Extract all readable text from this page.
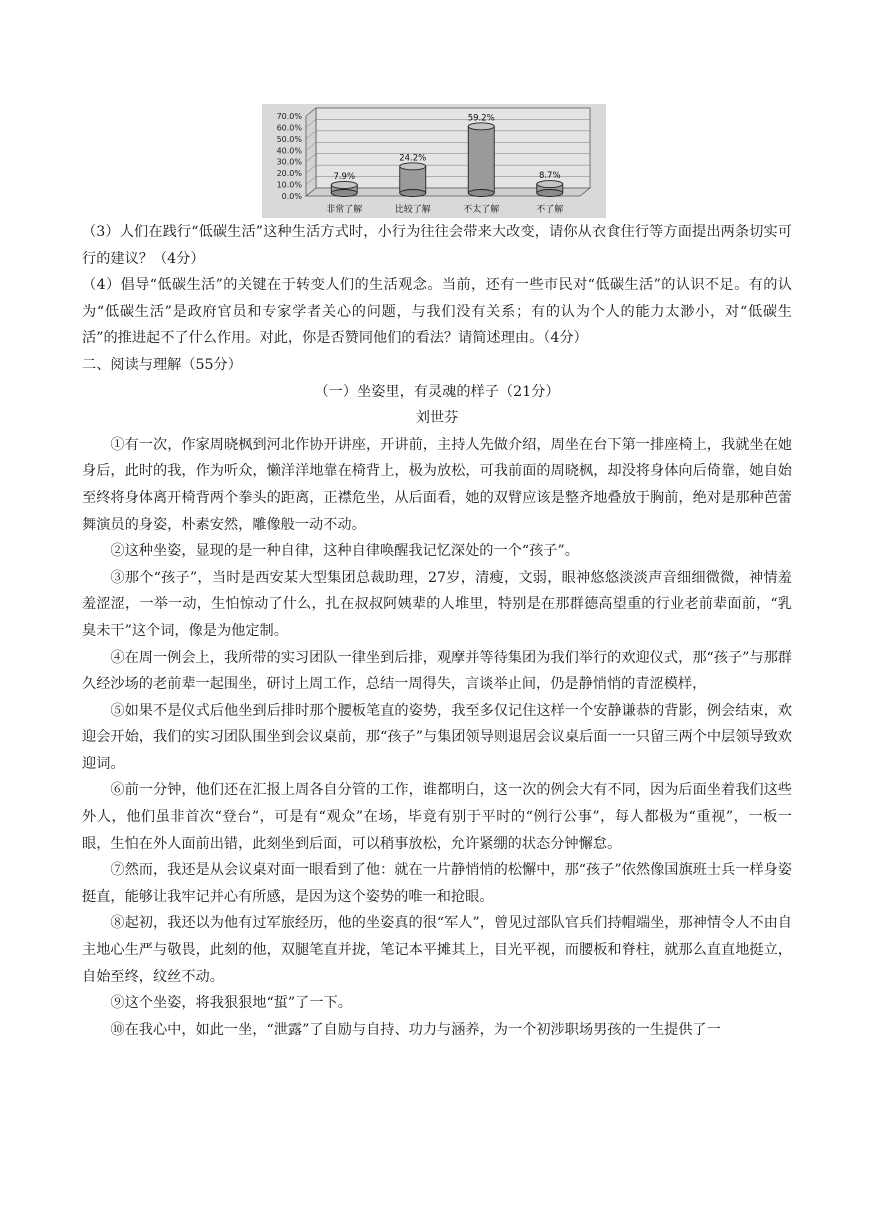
0.0%
10.0%
20.0%
30.0%
40.0%
50.0%
60.0%
70.0%
7.9%
非常了解
24.2%
比较了解
59.2%
不太了解
8.7%
不了解

（3）人们在践行“低碳生活”这种生活方式时，小行为往往会带来大改变，请你从衣食住行等方面提出两条切实可行的建议？（4分）

（4）倡导“低碳生活”的关键在于转变人们的生活观念。当前，还有一些市民对“低碳生活”的认识不足。有的认为“低碳生活”是政府官员和专家学者关心的问题，与我们没有关系；有的认为个人的能力太渺小，对“低碳生活”的推进起不了什么作用。对此，你是否赞同他们的看法？请简述理由。（4分）

二、阅读与理解（55分）

（一）坐姿里，有灵魂的样子（21分）

刘世芬

①有一次，作家周晓枫到河北作协开讲座，开讲前，主持人先做介绍，周坐在台下第一排座椅上，我就坐在她身后，此时的我，作为听众，懒洋洋地靠在椅背上，极为放松，可我前面的周晓枫，却没将身体向后倚靠，她自始至终将身体离开椅背两个拳头的距离，正襟危坐，从后面看，她的双臂应该是整齐地叠放于胸前，绝对是那种芭蕾舞演员的身姿，朴素安然，雕像般一动不动。

②这种坐姿，显现的是一种自律，这种自律唤醒我记忆深处的一个“孩子”。

③那个“孩子”，当时是西安某大型集团总裁助理，27岁，清瘦，文弱，眼神悠悠淡淡声音细细微微，神情羞羞涩涩，一举一动，生怕惊动了什么，扎在叔叔阿姨辈的人堆里，特别是在那群德高望重的行业老前辈面前，“乳臭未干”这个词，像是为他定制。

④在周一例会上，我所带的实习团队一律坐到后排，观摩并等待集团为我们举行的欢迎仪式，那“孩子”与那群久经沙场的老前辈一起围坐，研讨上周工作，总结一周得失，言谈举止间，仍是静悄悄的青涩模样，

⑤如果不是仪式后他坐到后排时那个腰板笔直的姿势，我至多仅记住这样一个安静谦恭的背影，例会结束，欢迎会开始，我们的实习团队围坐到会议桌前，那“孩子”与集团领导则退居会议桌后面一一只留三两个中层领导致欢迎词。

⑥前一分钟，他们还在汇报上周各自分管的工作，谁都明白，这一次的例会大有不同，因为后面坐着我们这些外人，他们虽非首次“登台”，可是有“观众”在场，毕竟有别于平时的“例行公事”，每人都极为“重视”，一板一眼，生怕在外人面前出错，此刻坐到后面，可以稍事放松，允许紧绷的状态分钟懈怠。

⑦然而，我还是从会议桌对面一眼看到了他：就在一片静悄悄的松懈中，那“孩子”依然像国旗班士兵一样身姿挺直，能够让我牢记并心有所感，是因为这个姿势的唯一和抢眼。

⑧起初，我还以为他有过军旅经历，他的坐姿真的很“军人”，曾见过部队官兵们持帽端坐，那神情令人不由自主地心生严与敬畏，此刻的他，双腿笔直并拢，笔记本平摊其上，目光平视，而腰板和脊柱，就那么直直地挺立，自始至终，纹丝不动。

⑨这个坐姿，将我狠狠地“蜇”了一下。

⑩在我心中，如此一坐，“泄露”了自励与自持、功力与涵养，为一个初涉职场男孩的一生提供了一
